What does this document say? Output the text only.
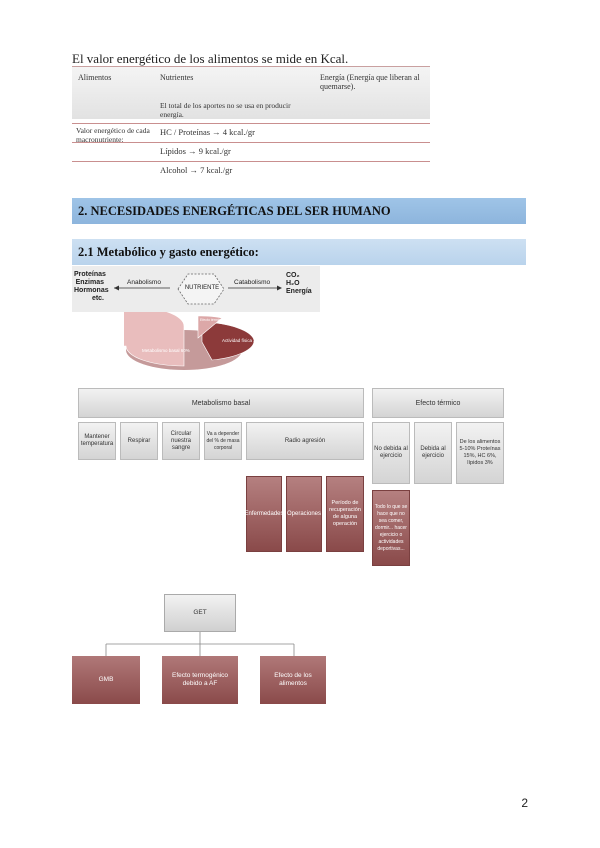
El valor energético de los alimentos se mide en Kcal.
Alimentos	Nutrientes	Energía (Energía que liberan al quemarse).
El total de los aportes no se usa en producir energía.
Valor energético de cada macronutriente:
HC / Proteínas → 4 kcal./gr
Lípidos → 9 kcal./gr
Alcohol → 7 kcal./gr
2. NECESIDADES ENERGÉTICAS DEL SER HUMANO
2.1 Metabólico y gasto energético:
Proteínas
Enzimas
Hormonas
etc.
Anabolismo
NUTRIENTE
Catabolismo
CO₂
H₂O
Energía
Metabolismo basal 60%
Actividad física 30%
Efecto térmico de los alimentos 10%
Metabolismo basal	Efecto térmico
Mantener temperatura
Respirar
Circular nuestra sangre
Va a depender del % de masa corporal
Radio agresión
No debida al ejercicio
Debida al ejercicio
De los alimentos 5-10% Proteínas 15%, HC 6%, lípidos 3%
Enfermedades Operaciones
Período de recuperación de alguna operación
Todo lo que se hace que no sea comer, dormir... hacer ejercicio o actividades deportivas...
GET
GMB
Efecto termogénico debido a AF
Efecto de los alimentos
2
